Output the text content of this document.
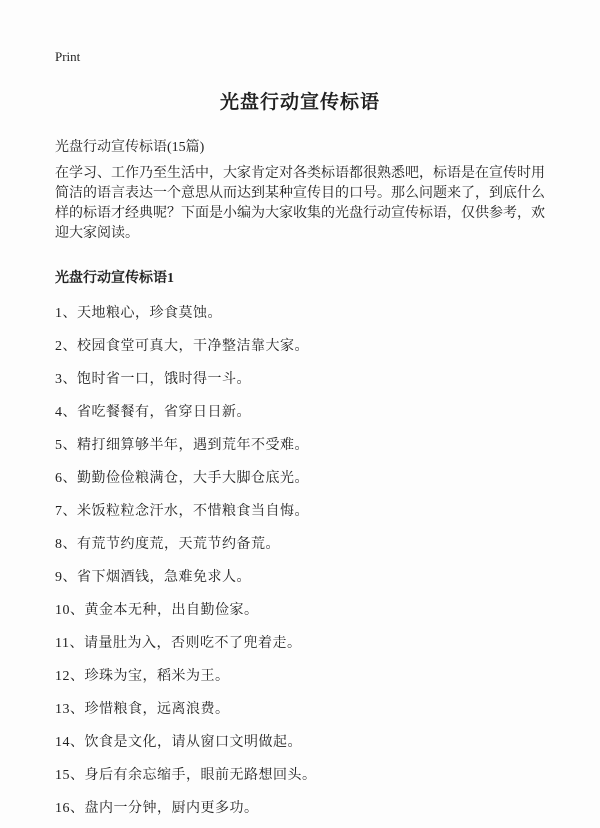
Print
光盘行动宣传标语
光盘行动宣传标语(15篇)

在学习、工作乃至生活中，大家肯定对各类标语都很熟悉吧，标语是在宣传时用简洁的语言表达一个意思从而达到某种宣传目的口号。那么问题来了，到底什么样的标语才经典呢？下面是小编为大家收集的光盘行动宣传标语，仅供参考，欢迎大家阅读。

光盘行动宣传标语1

1、天地粮心，珍食莫蚀。

2、校园食堂可真大，干净整洁靠大家。

3、饱时省一口，饿时得一斗。

4、省吃餐餐有，省穿日日新。

5、精打细算够半年，遇到荒年不受难。

6、勤勤俭俭粮满仓，大手大脚仓底光。

7、米饭粒粒念汗水，不惜粮食当自悔。

8、有荒节约度荒，天荒节约备荒。

9、省下烟酒钱，急难免求人。

10、黄金本无种，出自勤俭家。

11、请量肚为入，否则吃不了兜着走。

12、珍珠为宝，稻米为王。

13、珍惜粮食，远离浪费。

14、饮食是文化，请从窗口文明做起。

15、身后有余忘缩手，眼前无路想回头。

16、盘内一分钟，厨内更多功。
